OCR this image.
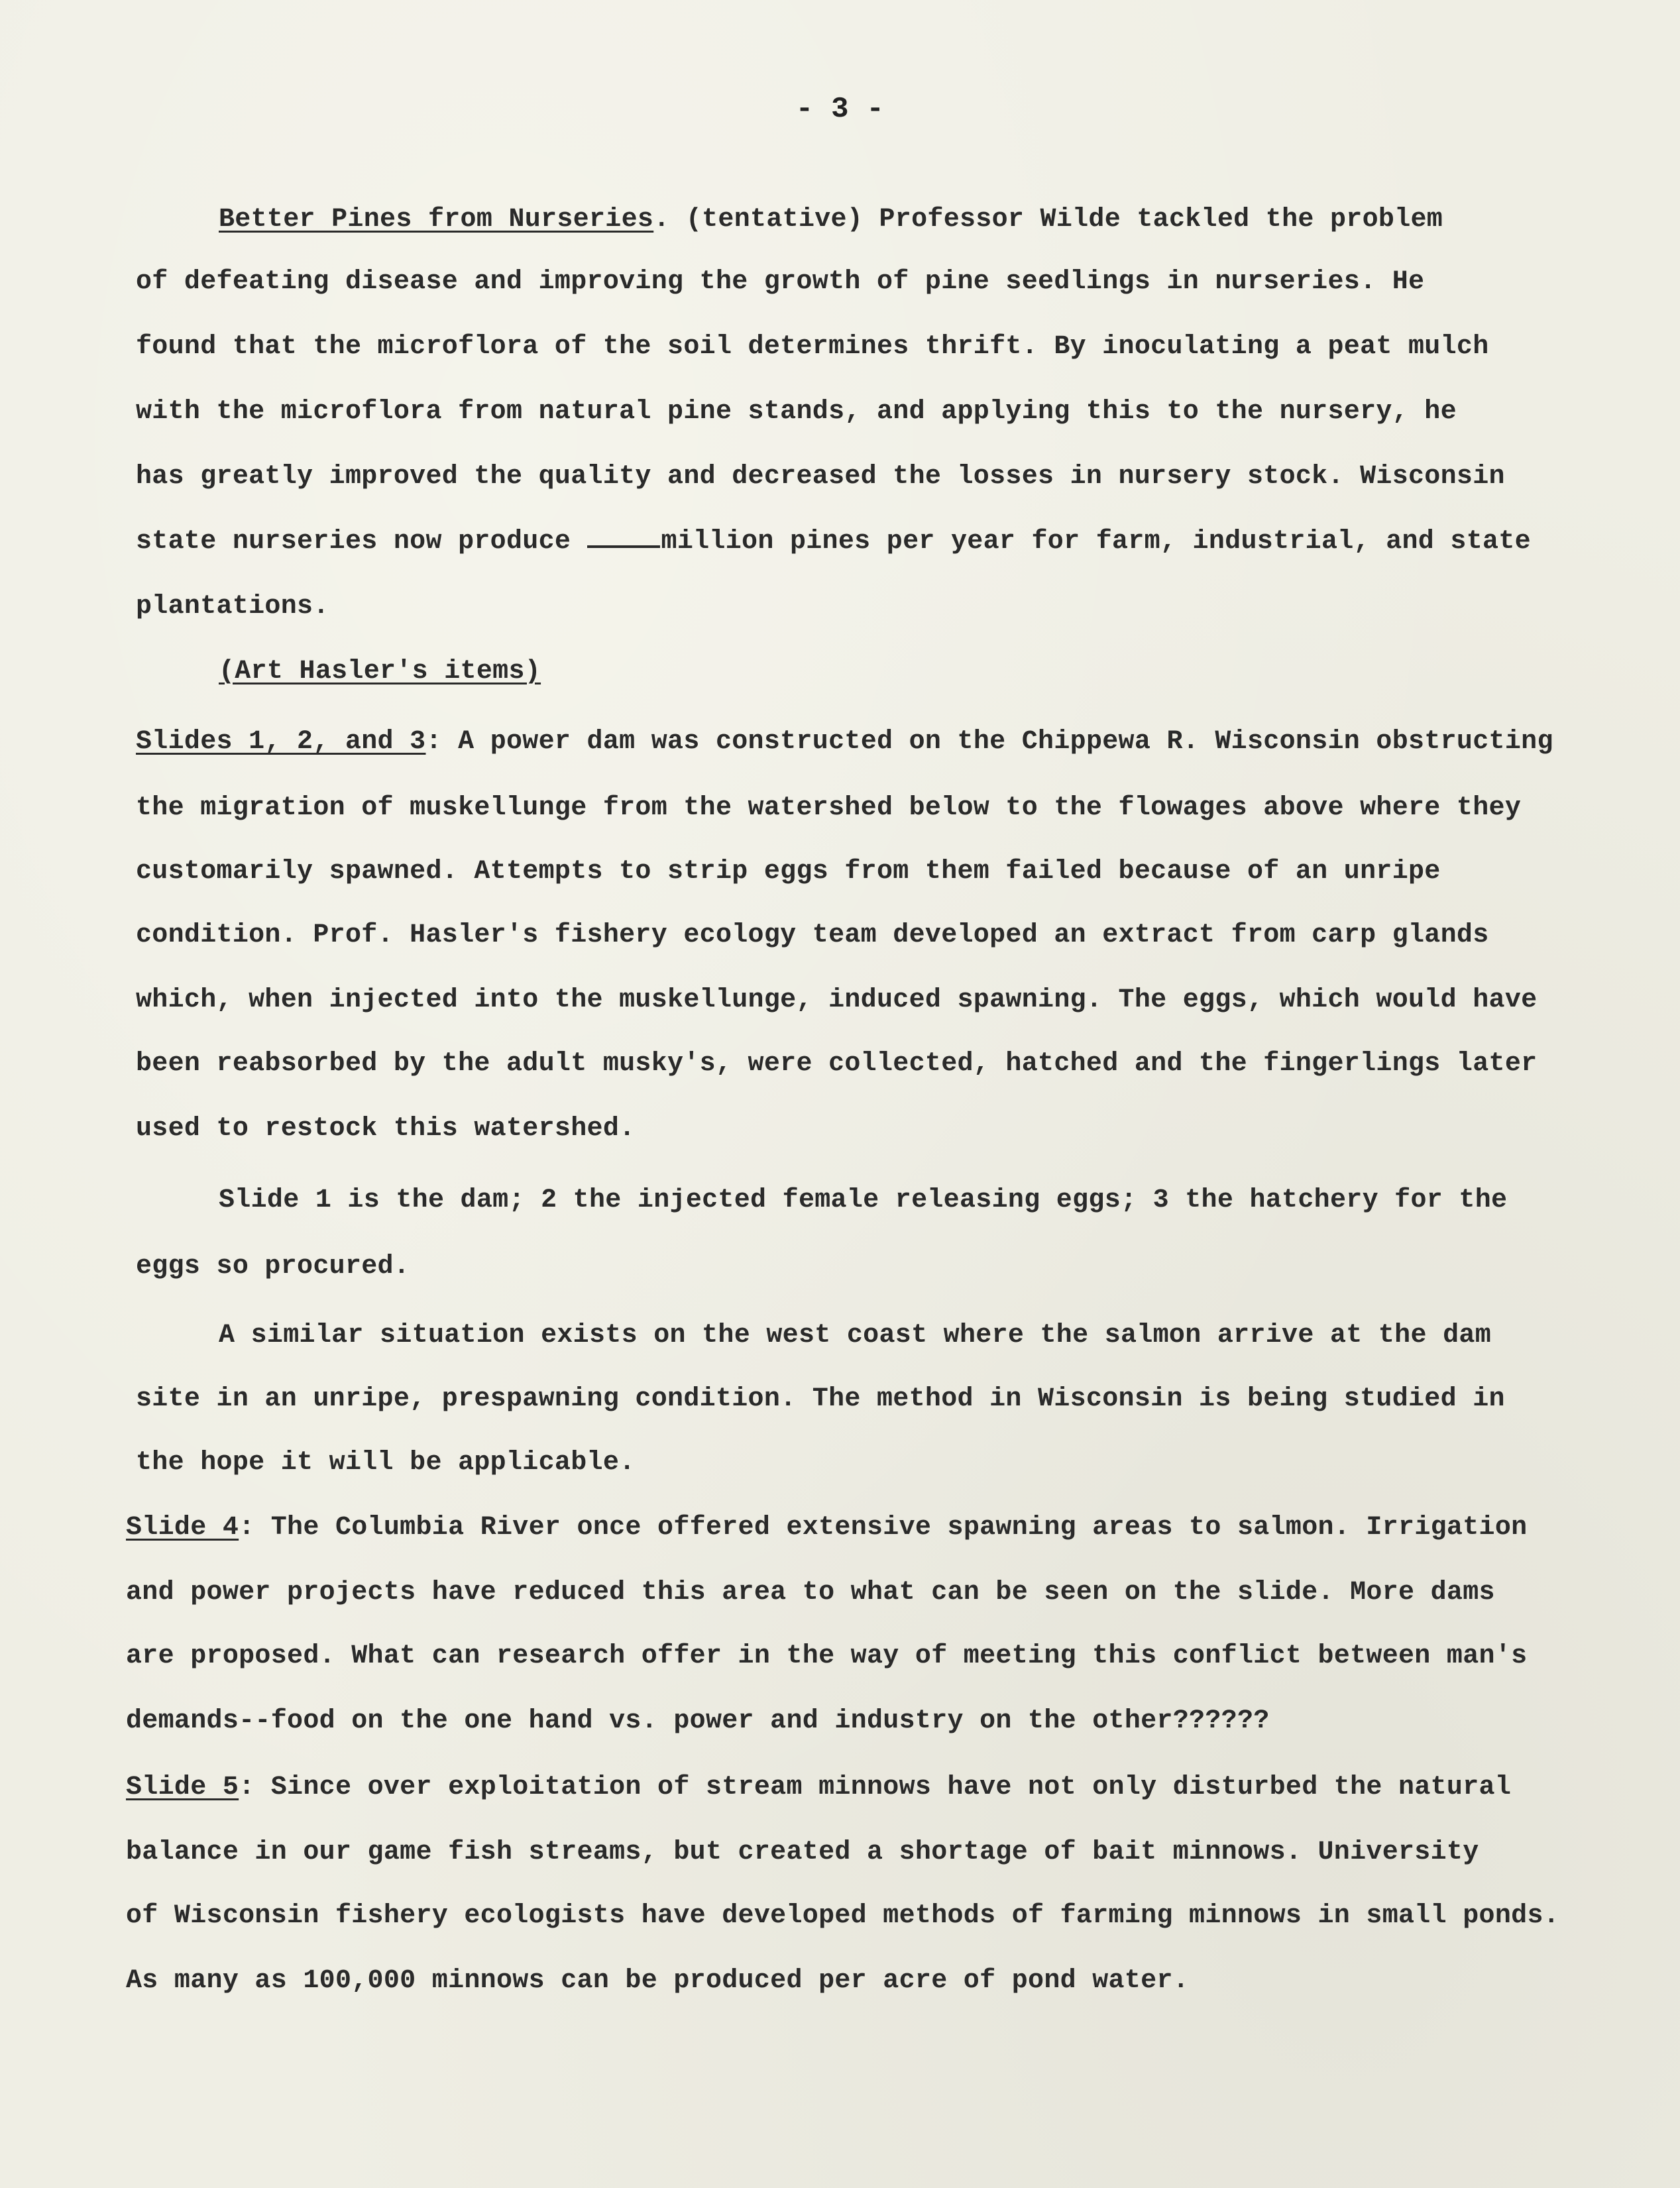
- 3 -
Better Pines from Nurseries. (tentative) Professor Wilde tackled the problem
of defeating disease and improving the growth of pine seedlings in nurseries. He
found that the microflora of the soil determines thrift. By inoculating a peat mulch
with the microflora from natural pine stands, and applying this to the nursery, he
has greatly improved the quality and decreased the losses in nursery stock. Wisconsin
state nurseries now produce	million pines per year for farm, industrial, and state
plantations.
(Art Hasler's items)
Slides 1, 2, and 3: A power dam was constructed on the Chippewa R. Wisconsin obstructing
the migration of muskellunge from the watershed below to the flowages above where they
customarily spawned. Attempts to strip eggs from them failed because of an unripe
condition. Prof. Hasler's fishery ecology team developed an extract from carp glands
which, when injected into the muskellunge, induced spawning. The eggs, which would have
been reabsorbed by the adult musky's, were collected, hatched and the fingerlings later
used to restock this watershed.
Slide 1 is the dam; 2 the injected female releasing eggs; 3 the hatchery for the
eggs so procured.
A similar situation exists on the west coast where the salmon arrive at the dam
site in an unripe, prespawning condition. The method in Wisconsin is being studied in
the hope it will be applicable.
Slide 4: The Columbia River once offered extensive spawning areas to salmon. Irrigation
and power projects have reduced this area to what can be seen on the slide. More dams
are proposed. What can research offer in the way of meeting this conflict between man's
demands--food on the one hand vs. power and industry on the other??????
Slide 5: Since over exploitation of stream minnows have not only disturbed the natural
balance in our game fish streams, but created a shortage of bait minnows. University
of Wisconsin fishery ecologists have developed methods of farming minnows in small ponds.
As many as 100,000 minnows can be produced per acre of pond water.
